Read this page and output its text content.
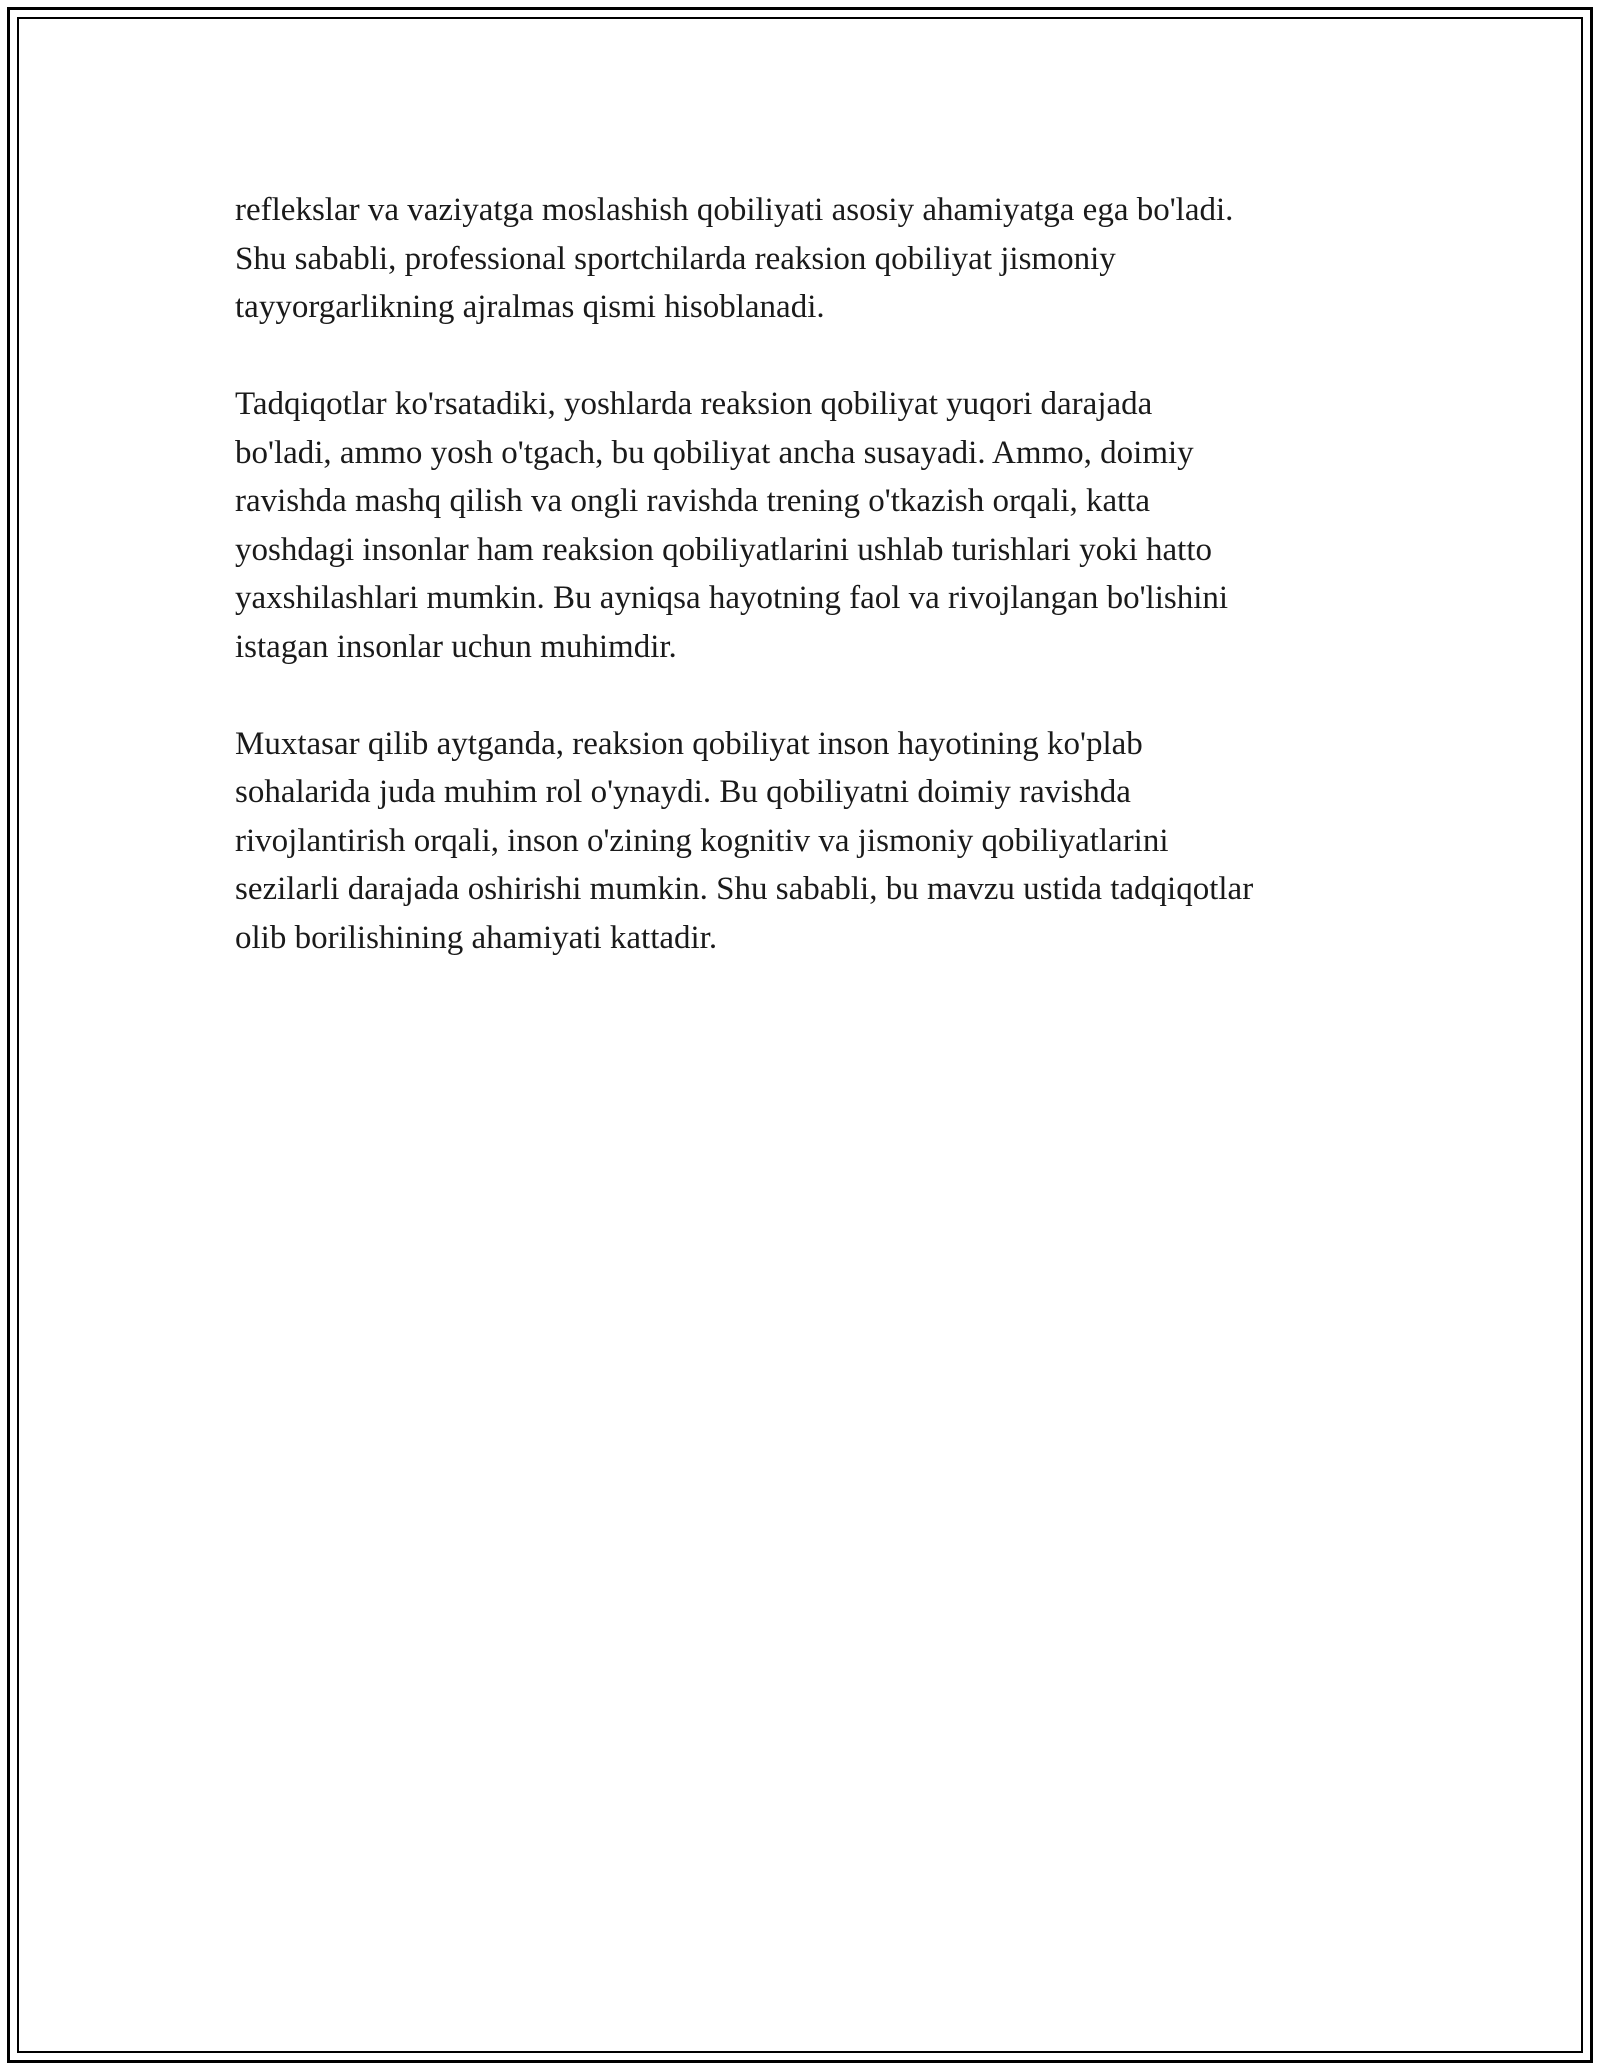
reflekslar va vaziyatga moslashish qobiliyati asosiy ahamiyatga ega bo'ladi.
Shu sababli, professional sportchilarda reaksion qobiliyat jismoniy
tayyorgarlikning ajralmas qismi hisoblanadi.

Tadqiqotlar ko'rsatadiki, yoshlarda reaksion qobiliyat yuqori darajada
bo'ladi, ammo yosh o'tgach, bu qobiliyat ancha susayadi. Ammo, doimiy
ravishda mashq qilish va ongli ravishda trening o'tkazish orqali, katta
yoshdagi insonlar ham reaksion qobiliyatlarini ushlab turishlari yoki hatto
yaxshilashlari mumkin. Bu ayniqsa hayotning faol va rivojlangan bo'lishini
istagan insonlar uchun muhimdir.

Muxtasar qilib aytganda, reaksion qobiliyat inson hayotining ko'plab
sohalarida juda muhim rol o'ynaydi. Bu qobiliyatni doimiy ravishda
rivojlantirish orqali, inson o'zining kognitiv va jismoniy qobiliyatlarini
sezilarli darajada oshirishi mumkin. Shu sababli, bu mavzu ustida tadqiqotlar
olib borilishining ahamiyati kattadir.
